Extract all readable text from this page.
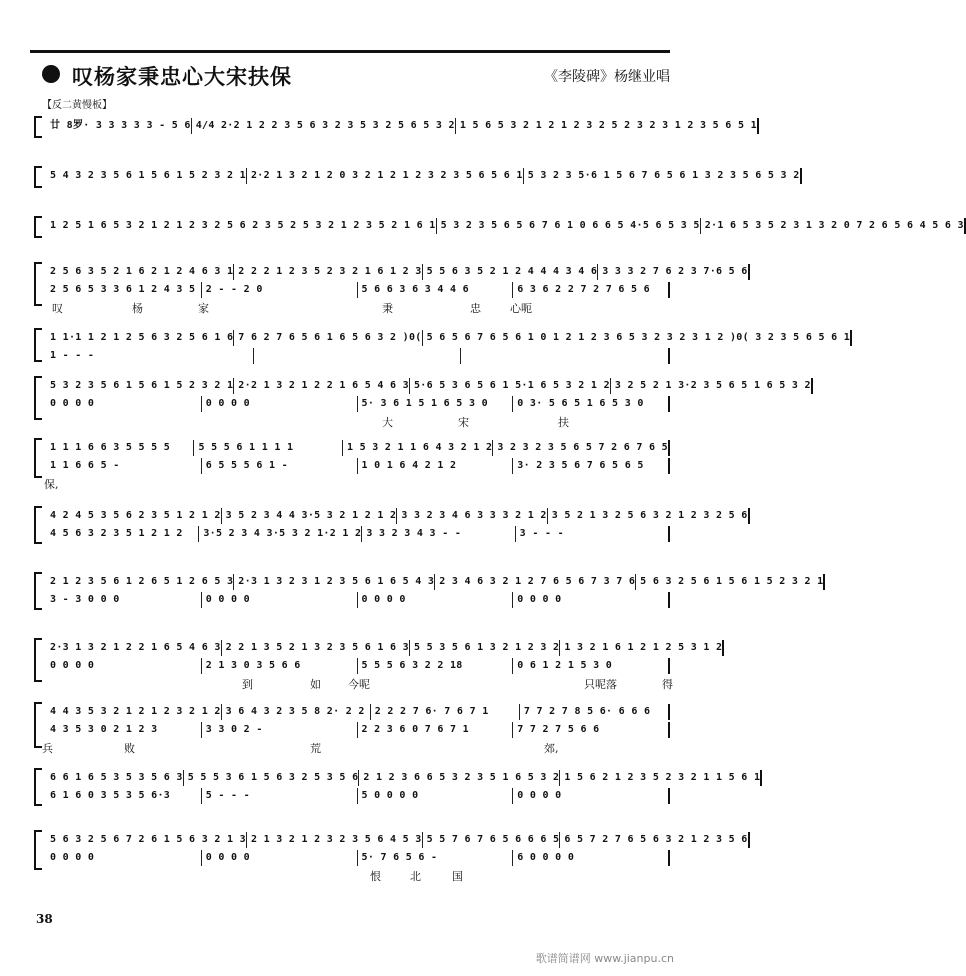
叹杨家秉忠心大宋扶保	《李陵碑》杨继业唱
【反二黄慢板】
廿 8罗· 3 3 3 3 3 - 5 6 4/4 2·2 1 2 2 3 5 6 3 2 3 5 3 2 5 6 5 3 2 1 5 6 5 3 2 1 2 1 2 3 2 5 2 3 2 3 1 2 3 5 6 5 1
5 4 3 2 3 5 6 1 5 6 1 5 2 3 2 1 2·2 1 3 2 1 2 0 3 2 1 2 1 2 3 2 3 5 6 5 6 1 5 3 2 3 5·6 1 5 6 7 6 5 6 1 3 2 3 5 6 5 3 2
1 2 5 1 6 5 3 2 1 2 1 2 3 2 5 6 2 3 5 2 5 3 2 1 2 3 5 2 1 6 1 5 3 2 3 5 6 5 6 7 6 1 0 6 6 5 4·5 6 5 3 5 2·1 6 5 3 5 2 3 1 3 2 0 7 2 6 5 6 4 5 6 3
2 5 6 3 5 2 1 6 2 1 2 4 6 3 1 2 2 2 1 2 3 5 2 3 2 1 6 1 2 3 5 5 6 3 5 2 1 2 4 4 4 3 4 6 3 3 3 2 7 6 2 3 7·6 5 6
2 5 6 5 3 3 6 1 2 4 3 5	2 - - 2 0	5 6 6 3 6 3 4 4 6	6 3 6 2 2 7 2 7 6 5 6
叹	杨	家	秉	忠	心呃
1 1·1 1 2 1 2 5 6 3 2 5 6 1 6 7 6 2 7 6 5 6 1 6 5 6 3 2 )0( 5 6 5 6 7 6 5 6 1 0 1 2 1 2 3 6 5 3 2 3 2 3 1 2 )0( 3 2 3 5 6 5 6 1
1 - - -
5 3 2 3 5 6 1 5 6 1 5 2 3 2 1 2·2 1 3 2 1 2 2 1 6 5 4 6 3 5·6 5 3 6 5 6 1 5·1 6 5 3 2 1 2 3 2 5 2 1 3·2 3 5 6 5 1 6 5 3 2
0 0 0 0	0 0 0 0	5· 3 6 1 5 1 6 5 3 0	0 3· 5 6 5 1 6 5 3 0
大	宋	扶
1 1 1 6 6 3 5 5 5 5	5 5 5 6 1 1 1 1	1 5 3 2 1 1 6 4 3 2 1 2 3 2 3 2 3 5 6 5 7 2 6 7 6 5
1 1 6 6 5 -	6 5 5 5 6 1 -	1 0 1 6 4 2 1 2	3· 2 3 5 6 7 6 5 6 5
保,
4 2 4 5 3 5 6 2 3 5 1 2 1 2 3 5 2 3 4 4 3·5 3 2 1 2 1 2 3 3 2 3 4 6 3 3 3 2 1 2 3 5 2 1 3 2 5 6 3 2 1 2 3 2 5 6
4 5 6 3 2 3 5 1 2 1 2	3·5 2 3 4 3·5 3 2 1·2 1 2 3 3 2 3 4 3 - -	3 - - -
2 1 2 3 5 6 1 2 6 5 1 2 6 5 3 2·3 1 3 2 3 1 2 3 5 6 1 6 5 4 3 2 3 4 6 3 2 1 2 7 6 5 6 7 3 7 6 5 6 3 2 5 6 1 5 6 1 5 2 3 2 1
3 - 3 0 0 0	0 0 0 0	0 0 0 0	0 0 0 0
2·3 1 3 2 1 2 2 1 6 5 4 6 3 2 2 1 3 5 2 1 3 2 3 5 6 1 6 3 5 5 3 5 6 1 3 2 1 2 3 2 1 3 2 1 6 1 2 1 2 5 3 1 2
0 0 0 0	2 1 3 0 3 5 6 6	5 5 5 6 3 2 2 18	0 6 1 2 1 5 3 0
到	如 今呢	只呢落	得
4 4 3 5 3 2 1 2 1 2 3 2 1 2 3 6 4 3 2 3 5 8 2· 2 2	2 2 2 7 6· 7 6 7 1	7 7 2 7 8 5 6· 6 6 6
4 3 5 3 0 2 1 2 3	3 3 0 2 -	2 2 3 6 0 7 6 7 1	7 7 2 7 5 6 6
兵	败	荒	郊,
6 6 1 6 5 3 5 3 5 6 3 5 5 5 3 6 1 5 6 3 2 5 3 5 6 2 1 2 3 6 6 5 3 2 3 5 1 6 5 3 2 1 5 6 2 1 2 3 5 2 3 2 1 1 5 6 1
6 1 6 0 3 5 3 5 6·3	5 - - -	5 0 0 0 0	0 0 0 0
5 6 3 2 5 6 7 2 6 1 5 6 3 2 1 3 2 1 3 2 1 2 3 2 3 5 6 4 5 3 5 5 7 6 7 6 5 6 6 6 5 6 5 7 2 7 6 5 6 3 2 1 2 3 5 6
0 0 0 0	0 0 0 0	5· 7 6 5 6 -	6 0 0 0 0
恨	北	国
38
歌谱简谱网 www.jianpu.cn
